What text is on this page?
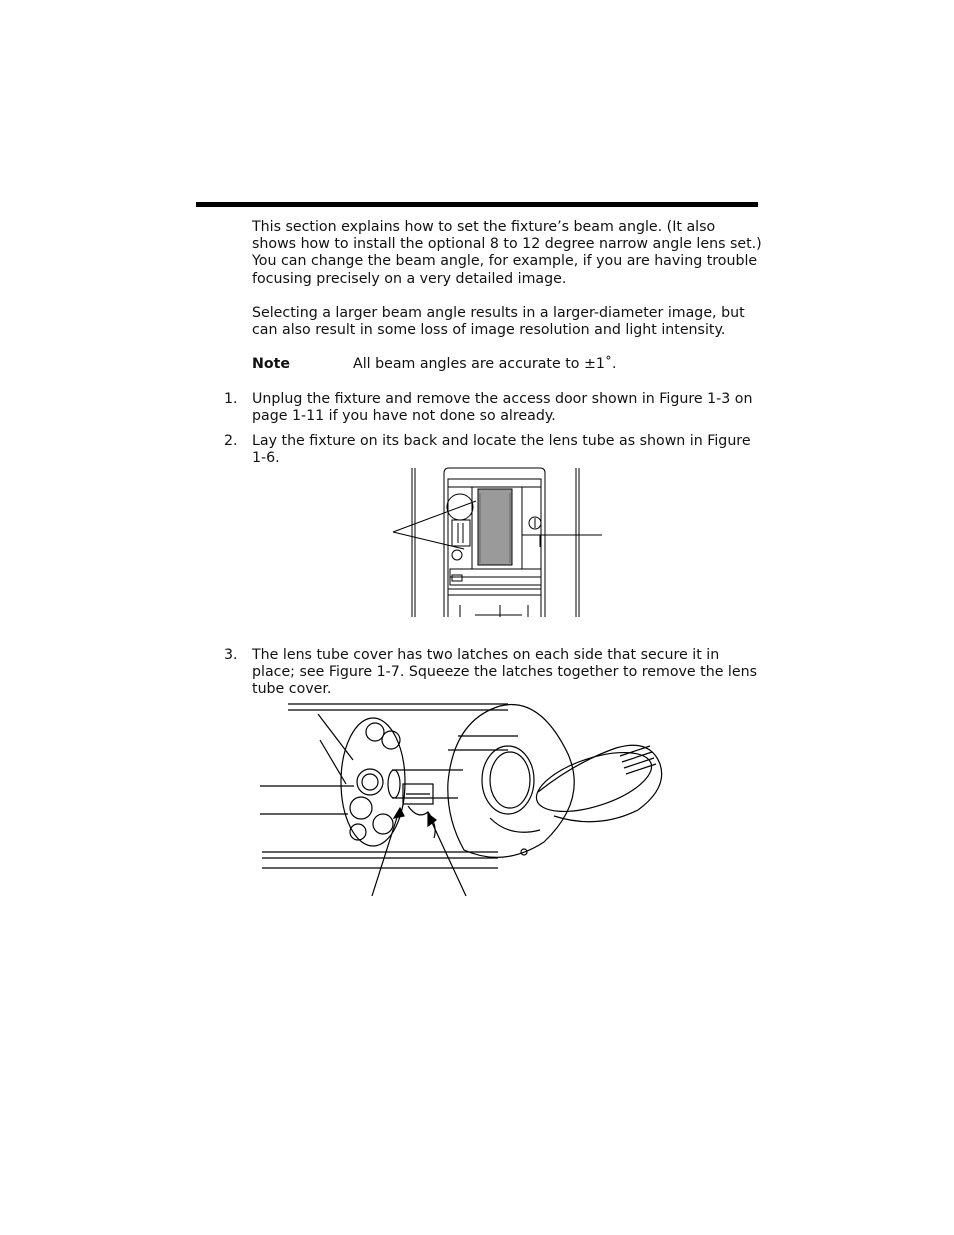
This section explains how to set the fixture’s beam angle. (It also shows how to install the optional 8 to 12 degree narrow angle lens set.) You can change the beam angle, for example, if you are having trouble focusing precisely on a very detailed image.

Selecting a larger beam angle results in a larger-diameter image, but can also result in some loss of image resolution and light intensity.

Note	All beam angles are accurate to ±1˚.
1. Unplug the fixture and remove the access door shown in Figure 1-3 on page 1-11 if you have not done so already.

2. Lay the fixture on its back and locate the lens tube as shown in Figure 1-6.

3. The lens tube cover has two latches on each side that secure it in place; see Figure 1-7. Squeeze the latches together to remove the lens tube cover.
